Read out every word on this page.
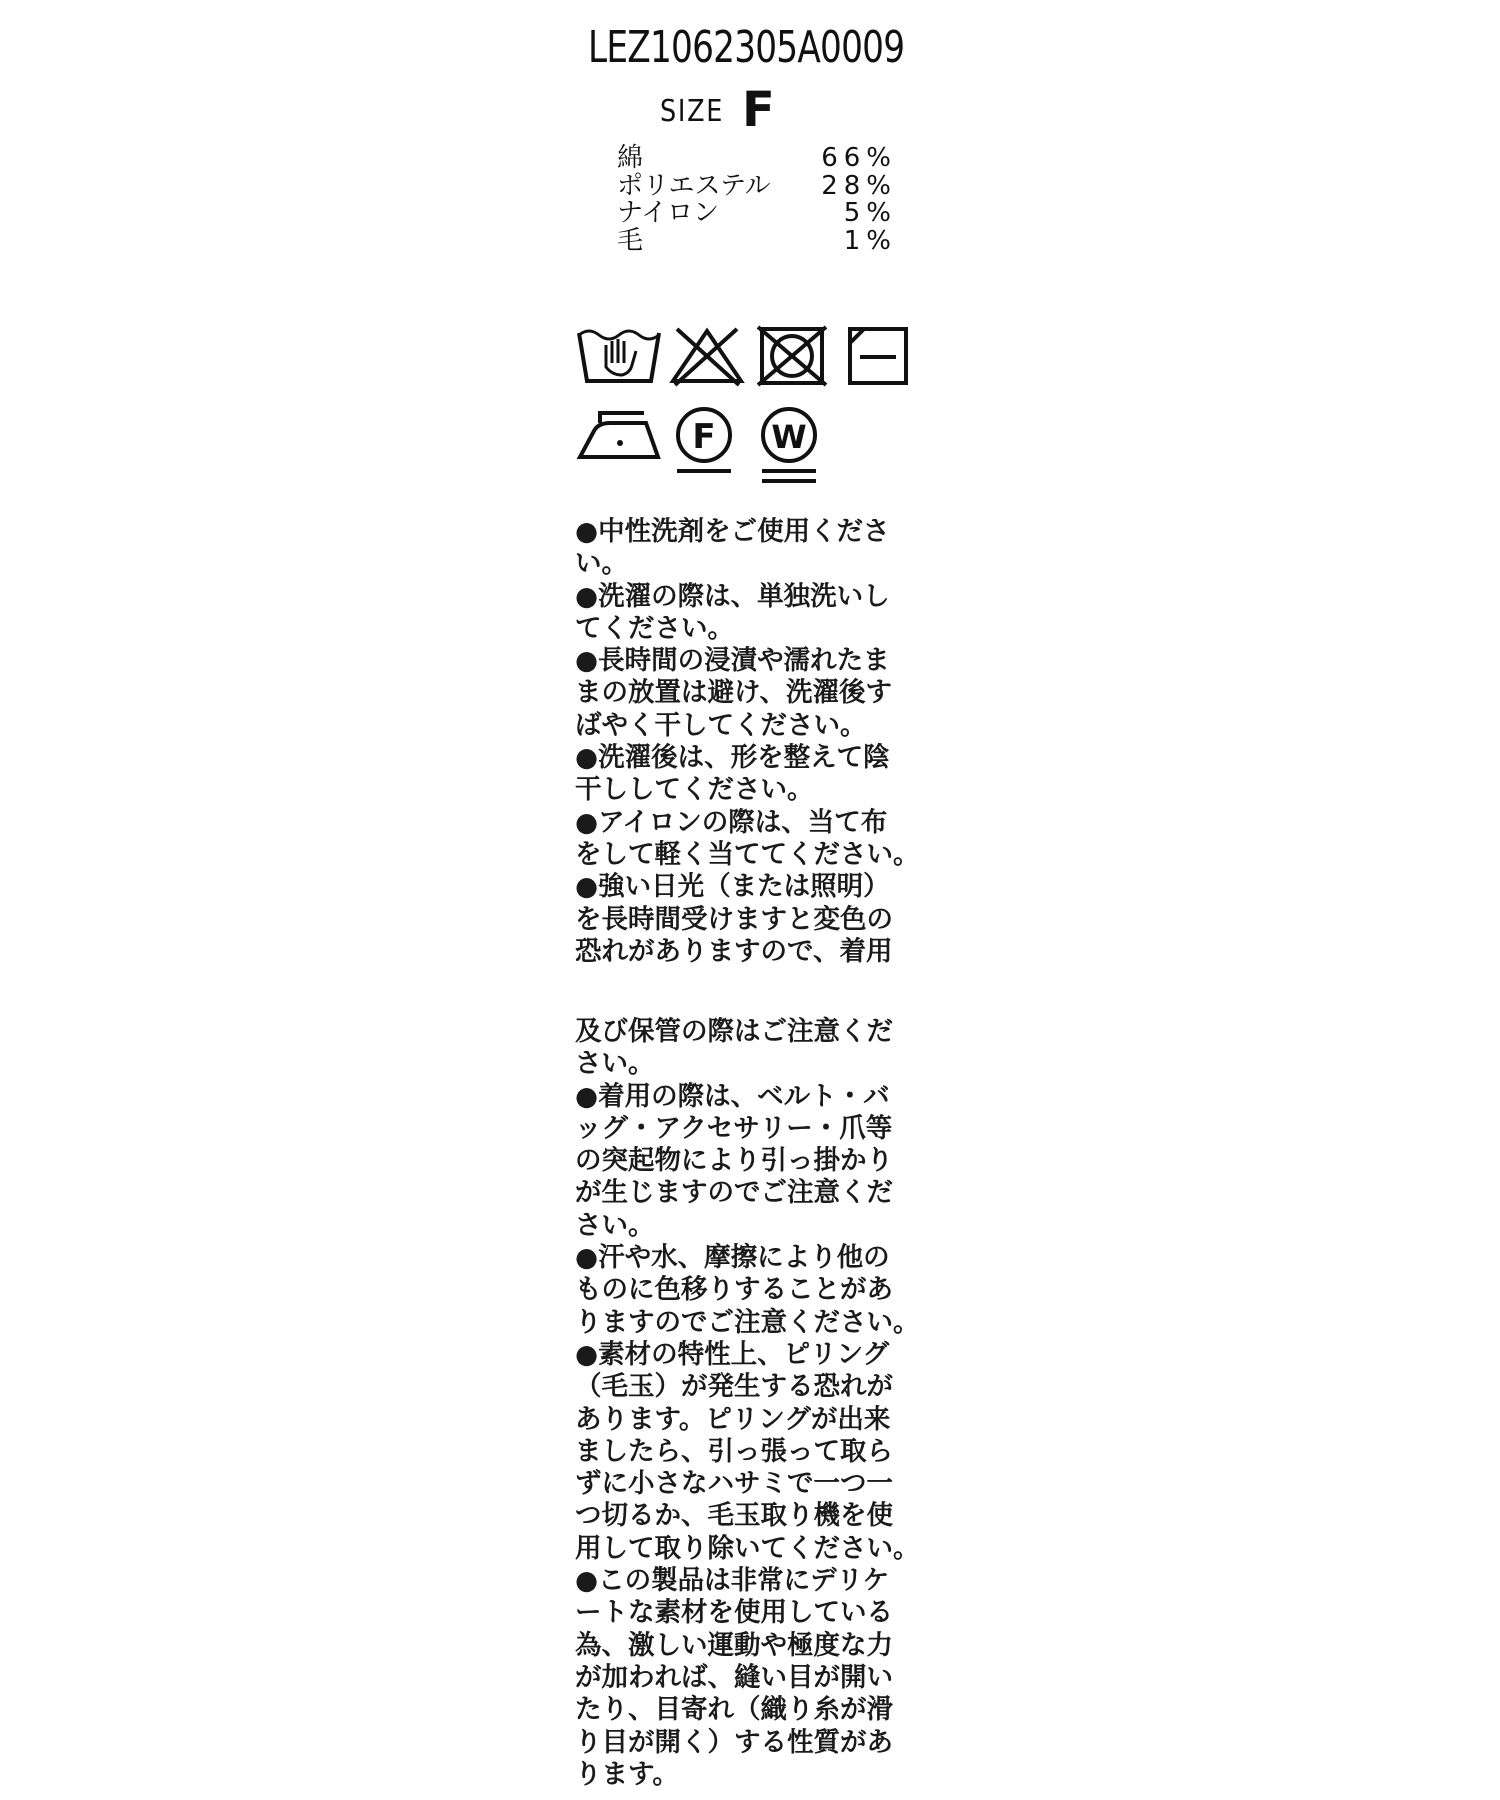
LEZ1062305A0009
SIZE F
綿	66%
ポリエステル 28%
ナイロン	5%
毛	1%
F W
●中性洗剤をご使用くださ
い。
●洗濯の際は、単独洗いし
てください。
●長時間の浸漬や濡れたま
まの放置は避け、洗濯後す
ばやく干してください。
●洗濯後は、形を整えて陰
干ししてください。
●アイロンの際は、当て布
をして軽く当ててください。
●強い日光（または照明）
を長時間受けますと変色の
恐れがありますので、着用
及び保管の際はご注意くだ
さい。
●着用の際は、ベルト・バ
ッグ・アクセサリー・爪等
の突起物により引っ掛かり
が生じますのでご注意くだ
さい。
●汗や水、摩擦により他の
ものに色移りすることがあ
りますのでご注意ください。
●素材の特性上、ピリング
（毛玉）が発生する恐れが
あります。ピリングが出来
ましたら、引っ張って取ら
ずに小さなハサミで一つ一
つ切るか、毛玉取り機を使
用して取り除いてください。
●この製品は非常にデリケ
ートな素材を使用している
為、激しい運動や極度な力
が加われば、縫い目が開い
たり、目寄れ（織り糸が滑
り目が開く）する性質があ
ります。
